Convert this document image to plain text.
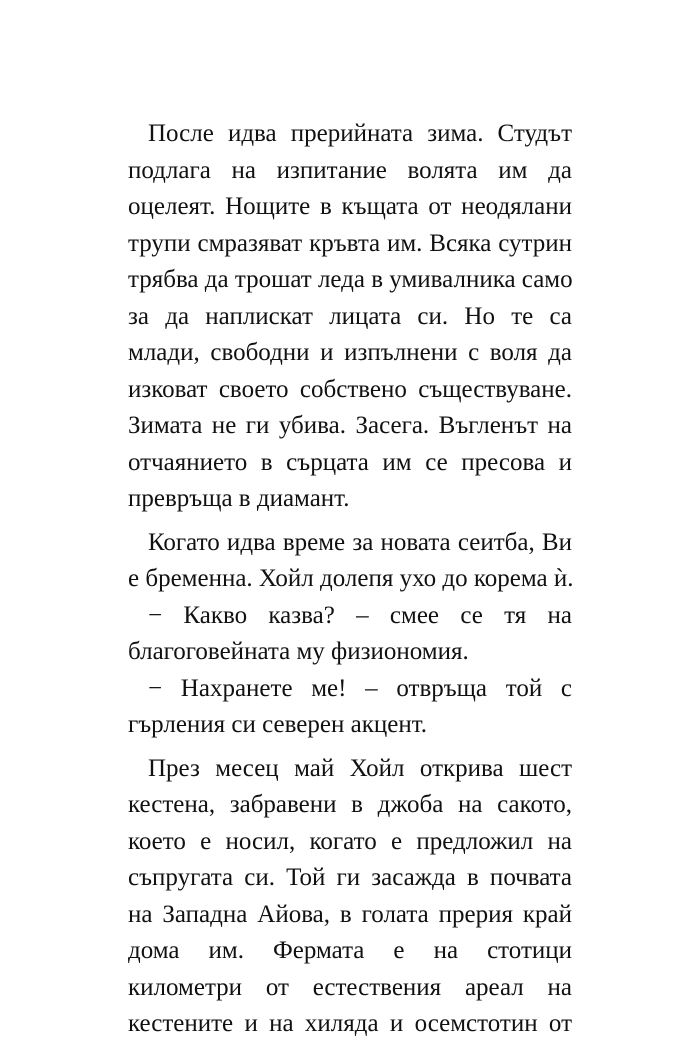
После идва прерийната зима. Студът
подлага на изпитание волята им да
оцелеят. Нощите в къщата от неодялани
трупи смразяват кръвта им. Всяка сутрин
трябва да трошат леда в умивалника само
за да наплискат лицата си. Но те са
млади, свободни и изпълнени с воля да
изковат своето собствено съществуване.
Зимата не ги убива. Засега. Въгленът на
отчаянието в сърцата им се пресова и
превръща в диамант.
Когато идва време за новата сеитба, Ви
е бременна. Хойл долепя ухо до корема ѝ.
− Какво казва? – смее се тя на
благоговейната му физиономия.
− Нахранете ме! – отвръща той с
гърления си северен акцент.
През месец май Хойл открива шест
кестена, забравени в джоба на сакото,
което е носил, когато е предложил на
съпругата си. Той ги засажда в почвата
на Западна Айова, в голата прерия край
дома им. Фермата е на стотици
километри от естествения ареал на
кестените и на хиляда и осемстотин от
